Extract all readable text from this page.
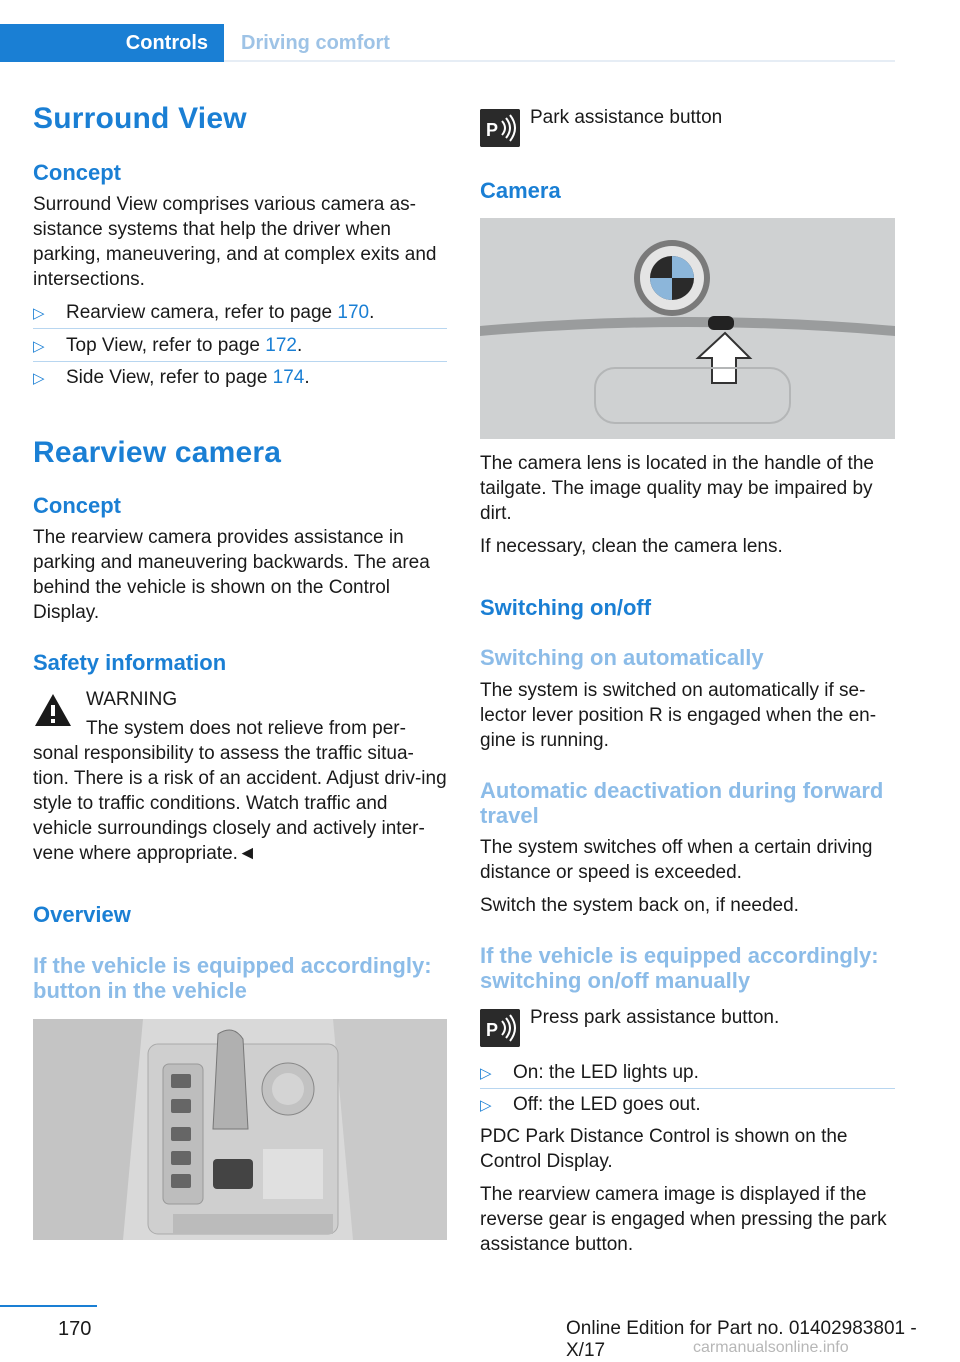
Controls	Driving comfort
Surround View
Concept
Surround View comprises various camera as-sistance systems that help the driver when parking, maneuvering, and at complex exits and intersections.
▷	Rearview camera, refer to page 170.
▷	Top View, refer to page 172.
▷	Side View, refer to page 174.
Rearview camera
Concept
The rearview camera provides assistance in parking and maneuvering backwards. The area behind the vehicle is shown on the Control Display.
Safety information
WARNING
The system does not relieve from per-
sonal responsibility to assess the traffic situa-tion. There is a risk of an accident. Adjust driv-ing style to traffic conditions. Watch traffic and vehicle surroundings closely and actively inter-vene where appropriate.◄
Overview
If the vehicle is equipped accordingly: button in the vehicle
P
Park assistance button
Camera
The camera lens is located in the handle of the tailgate. The image quality may be impaired by dirt.
If necessary, clean the camera lens.
Switching on/off
Switching on automatically
The system is switched on automatically if se-lector lever position R is engaged when the en-gine is running.
Automatic deactivation during forward travel
The system switches off when a certain driving distance or speed is exceeded.
Switch the system back on, if needed.
If the vehicle is equipped accordingly: switching on/off manually
P
Press park assistance button.
▷	On: the LED lights up.
▷	Off: the LED goes out.
PDC Park Distance Control is shown on the Control Display.
The rearview camera image is displayed if the reverse gear is engaged when pressing the park assistance button.
170	Online Edition for Part no. 01402983801 - X/17	carmanualsonline.info
